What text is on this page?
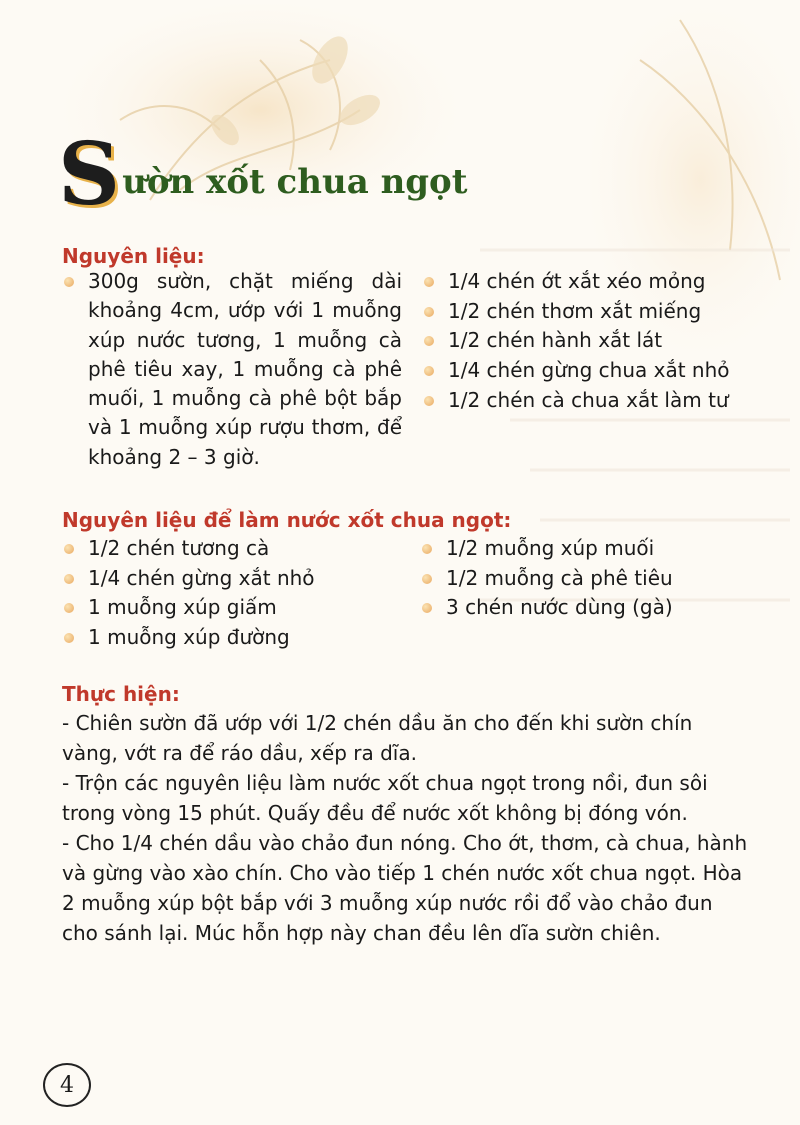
S ườn xốt chua ngọt
Nguyên liệu:
300g sườn, chặt miếng dài khoảng 4cm, ướp với 1 muỗng xúp nước tương, 1 muỗng cà phê tiêu xay, 1 muỗng cà phê muối, 1 muỗng cà phê bột bắp và 1 muỗng xúp rượu thơm, để khoảng 2 – 3 giờ.
1/4 chén ớt xắt xéo mỏng
1/2 chén thơm xắt miếng
1/2 chén hành xắt lát
1/4 chén gừng chua xắt nhỏ
1/2 chén cà chua xắt làm tư
Nguyên liệu để làm nước xốt chua ngọt:
1/2 chén tương cà
1/4 chén gừng xắt nhỏ
1 muỗng xúp giấm
1 muỗng xúp đường
1/2 muỗng xúp muối
1/2 muỗng cà phê tiêu
3 chén nước dùng (gà)
Thực hiện:

- Chiên sườn đã ướp với 1/2 chén dầu ăn cho đến khi sườn chín vàng, vớt ra để ráo dầu, xếp ra dĩa.

- Trộn các nguyên liệu làm nước xốt chua ngọt trong nồi, đun sôi trong vòng 15 phút. Quấy đều để nước xốt không bị đóng vón.

- Cho 1/4 chén dầu vào chảo đun nóng. Cho ớt, thơm, cà chua, hành và gừng vào xào chín. Cho vào tiếp 1 chén nước xốt chua ngọt. Hòa 2 muỗng xúp bột bắp với 3 muỗng xúp nước rồi đổ vào chảo đun cho sánh lại. Múc hỗn hợp này chan đều lên dĩa sườn chiên.

4
